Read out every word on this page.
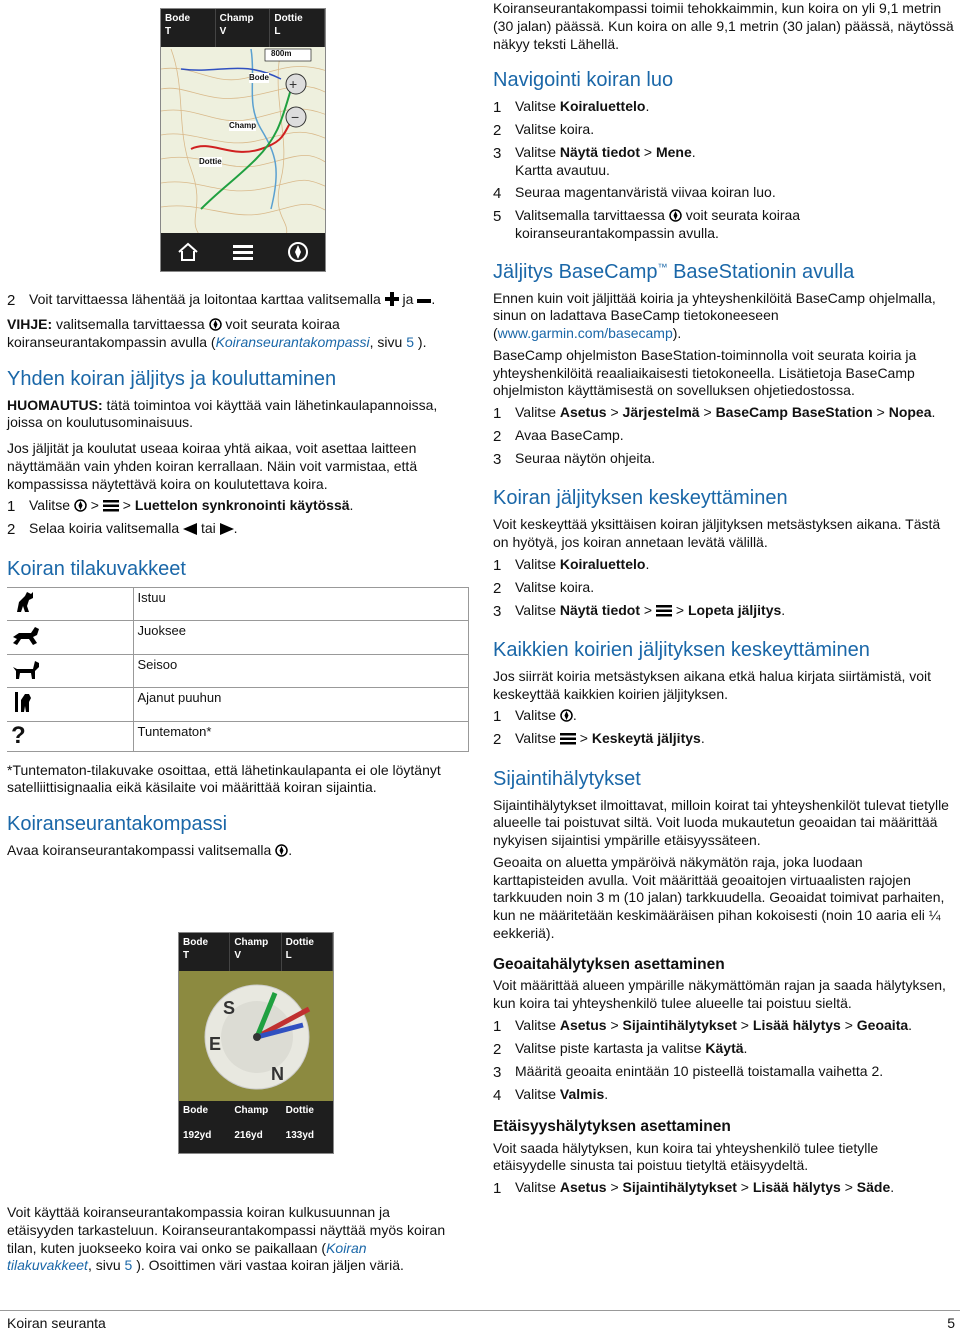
+
−
Bode
T
Champ
V
Dottie
L
800m
Bode
Champ
Dottie
2 Voit tarvittaessa lähentää ja loitontaa karttaa valitsemalla ja .

VIHJE: valitsemalla tarvittaessa voit seurata koiraa koiranseurantakompassin avulla (Koiranseurantakompassi, sivu 5 ).

Yhden koiran jäljitys ja kouluttaminen

HUOMAUTUS: tätä toimintoa voi käyttää vain lähetinkaulapannoissa, joissa on koulutusominaisuus.

Jos jäljität ja koulutat useaa koiraa yhtä aikaa, voit asettaa laitteen näyttämään vain yhden koiran kerrallaan. Näin voit varmistaa, että kompassissa näytettävä koira on koulutettava koira.

1 Valitse >  > Luettelon synkronointi käytössä.
2 Selaa koiria valitsemalla tai .
Koiran tilakuvakkeet
	Istuu
	Juoksee
	Seisoo
	Ajanut puuhun
?	Tuntematon*

*Tuntematon-tilakuvake osoittaa, että lähetinkaulapanta ei ole löytänyt satelliittisignaalia eikä käsilaite voi määrittää koiran sijaintia.

Koiranseurantakompassi

Avaa koiranseurantakompassi valitsemalla .

Bode
T
Champ
V
Dottie
L
S
E
N
Bode
192yd
Champ
216yd
Dottie
133yd

Voit käyttää koiranseurantakompassia koiran kulkusuunnan ja etäisyyden tarkasteluun. Koiranseurantakompassi näyttää myös koiran tilan, kuten juokseeko koira vai onko se paikallaan (Koiran tilakuvakkeet, sivu 5 ). Osoittimen väri vastaa koiran jäljen väriä.

Koiranseurantakompassi toimii tehokkaimmin, kun koira on yli 9,1 metrin (30 jalan) päässä. Kun koira on alle 9,1 metrin (30 jalan) päässä, näytössä näkyy teksti Lähellä.

Navigointi koiran luo
1 Valitse Koiraluettelo.
2 Valitse koira.
3 Valitse Näytä tiedot > Mene.
Kartta avautuu.
4 Seuraa magentanväristä viivaa koiran luo.
5 Valitsemalla tarvittaessa voit seurata koiraa koiranseurantakompassin avulla.
Jäljitys BaseCamp™ BaseStationin avulla

Ennen kuin voit jäljittää koiria ja yhteyshenkilöitä BaseCamp ohjelmalla, sinun on ladattava BaseCamp tietokoneeseen (www.garmin.com/basecamp).

BaseCamp ohjelmiston BaseStation-toiminnolla voit seurata koiria ja yhteyshenkilöitä reaaliaikaisesti tietokoneella. Lisätietoja BaseCamp ohjelmiston käyttämisestä on sovelluksen ohjetiedostossa.

1 Valitse Asetus > Järjestelmä > BaseCamp BaseStation > Nopea.
2 Avaa BaseCamp.
3 Seuraa näytön ohjeita.
Koiran jäljityksen keskeyttäminen

Voit keskeyttää yksittäisen koiran jäljityksen metsästyksen aikana. Tästä on hyötyä, jos koiran annetaan levätä välillä.

1 Valitse Koiraluettelo.
2 Valitse koira.
3 Valitse Näytä tiedot >  > Lopeta jäljitys.
Kaikkien koirien jäljityksen keskeyttäminen

Jos siirrät koiria metsästyksen aikana etkä halua kirjata siirtämistä, voit keskeyttää kaikkien koirien jäljityksen.

1 Valitse .
2 Valitse  > Keskeytä jäljitys.
Sijaintihälytykset

Sijaintihälytykset ilmoittavat, milloin koirat tai yhteyshenkilöt tulevat tietylle alueelle tai poistuvat siltä. Voit luoda mukautetun geoaidan tai määrittää nykyisen sijaintisi ympärille etäisyyssäteen.

Geoaita on aluetta ympäröivä näkymätön raja, joka luodaan karttapisteiden avulla. Voit määrittää geoaitojen virtuaalisten rajojen tarkkuuden noin 3 m (10 jalan) tarkkuudella. Geoaidat toimivat parhaiten, kun ne määritetään keskimääräisen pihan kokoisesti (noin 10 aaria eli ¼ eekkeriä).

Geoaitahälytyksen asettaminen

Voit määrittää alueen ympärille näkymättömän rajan ja saada hälytyksen, kun koira tai yhteyshenkilö tulee alueelle tai poistuu sieltä.

1 Valitse Asetus > Sijaintihälytykset > Lisää hälytys > Geoaita.
2 Valitse piste kartasta ja valitse Käytä.
3 Määritä geoaita enintään 10 pisteellä toistamalla vaihetta 2.
4 Valitse Valmis.
Etäisyyshälytyksen asettaminen

Voit saada hälytyksen, kun koira tai yhteyshenkilö tulee tietylle etäisyydelle sinusta tai poistuu tietyltä etäisyydeltä.

1 Valitse Asetus > Sijaintihälytykset > Lisää hälytys > Säde.
Koiran seuranta	5
